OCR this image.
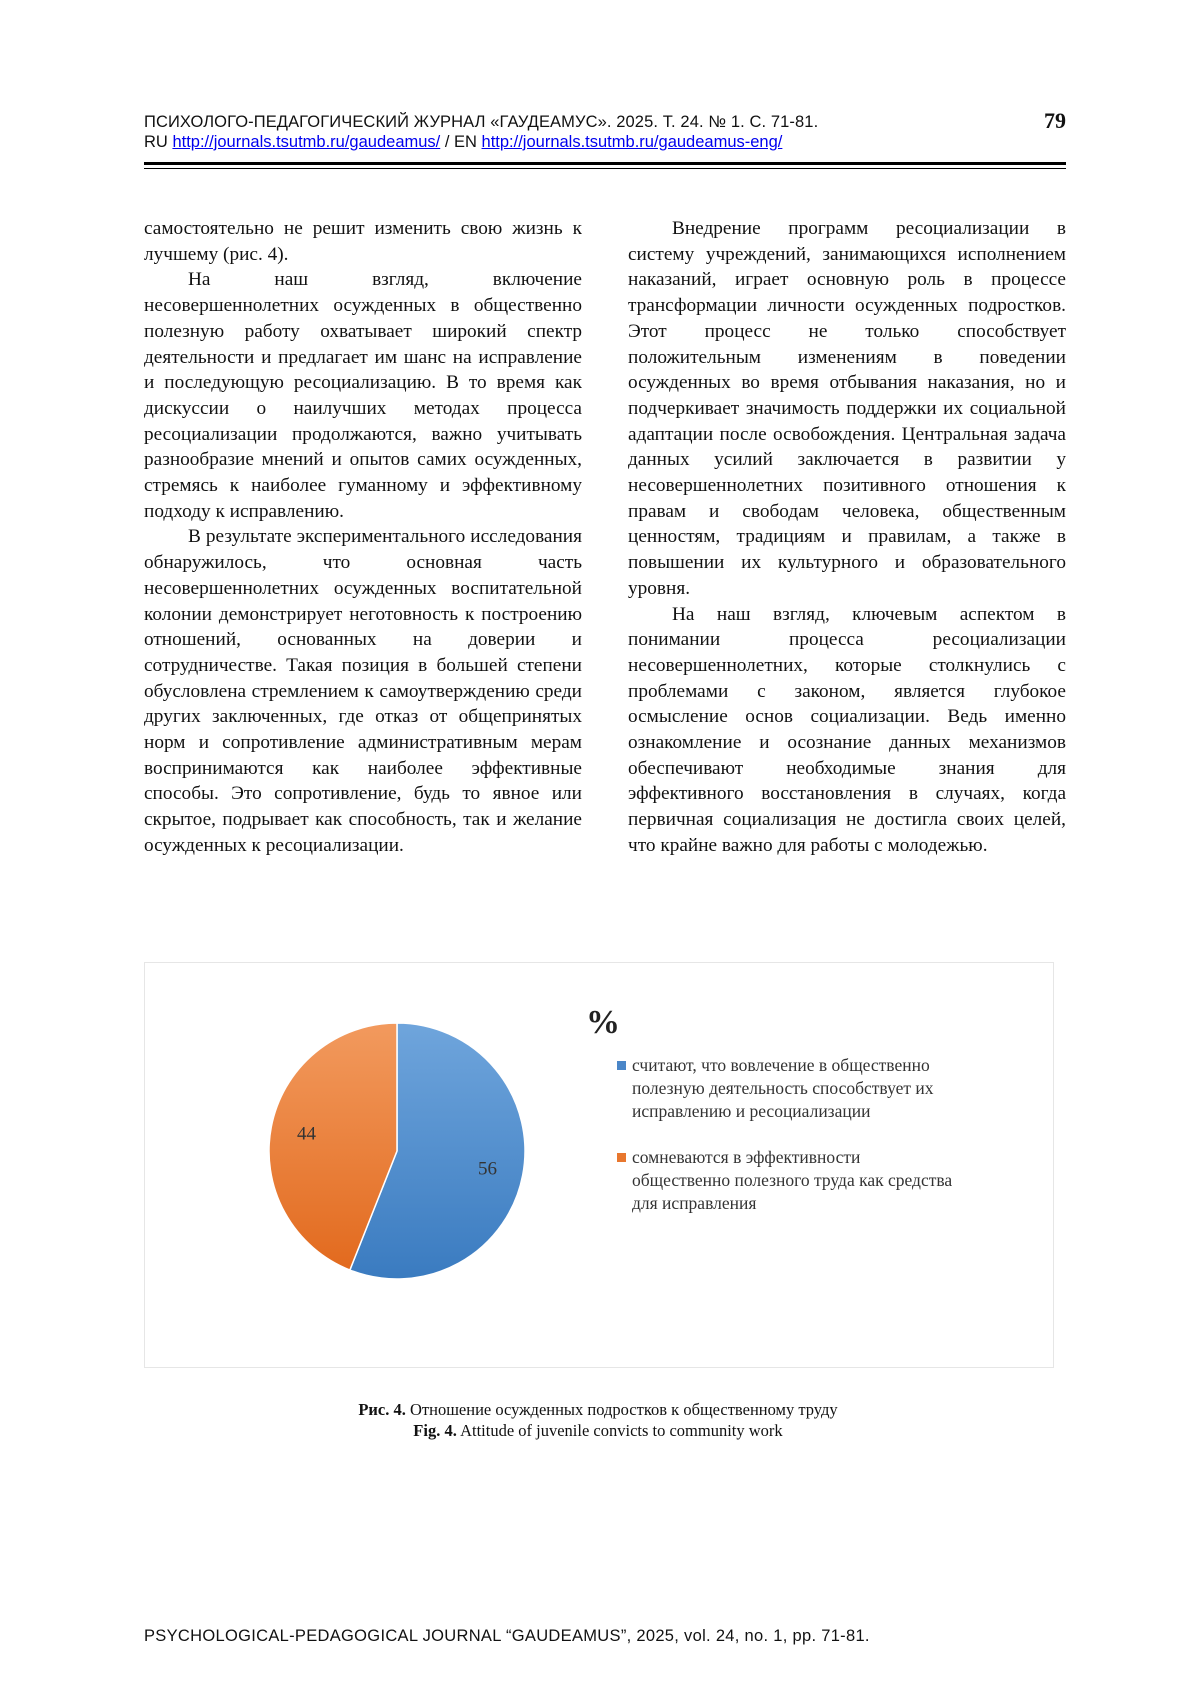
ПСИХОЛОГО-ПЕДАГОГИЧЕСКИЙ ЖУРНАЛ «ГАУДЕАМУС». 2025. Т. 24. № 1. С. 71-81.
RU http://journals.tsutmb.ru/gaudeamus/ / EN http://journals.tsutmb.ru/gaudeamus-eng/
79

самостоятельно не решит изменить свою жизнь к лучшему (рис. 4).

На наш взгляд, включение несовершеннолетних осужденных в общественно полезную работу охватывает широкий спектр деятельности и предлагает им шанс на исправление и последующую ресоциализацию. В то время как дискуссии о наилучших методах процесса ресоциализации продолжаются, важно учитывать разнообразие мнений и опытов самих осужденных, стремясь к наиболее гуманному и эффективному подходу к исправлению.

В результате экспериментального исследования обнаружилось, что основная часть несовершеннолетних осужденных воспитательной колонии демонстрирует неготовность к построению отношений, основанных на доверии и сотрудничестве. Такая позиция в большей степени обусловлена стремлением к самоутверждению среди других заключенных, где отказ от общепринятых норм и сопротивление административным мерам воспринимаются как наиболее эффективные способы. Это сопротивление, будь то явное или скрытое, подрывает как способность, так и желание осужденных к ресоциализации.

Внедрение программ ресоциализации в систему учреждений, занимающихся исполнением наказаний, играет основную роль в процессе трансформации личности осужденных подростков. Этот процесс не только способствует положительным изменениям в поведении осужденных во время отбывания наказания, но и подчеркивает значимость поддержки их социальной адаптации после освобождения. Центральная задача данных усилий заключается в развитии у несовершеннолетних позитивного отношения к правам и свободам человека, общественным ценностям, традициям и правилам, а также в повышении их культурного и образовательного уровня.

На наш взгляд, ключевым аспектом в понимании процесса ресоциализации несовершеннолетних, которые столкнулись с проблемами с законом, является глубокое осмысление основ социализации. Ведь именно ознакомление и осознание данных механизмов обеспечивают необходимые знания для эффективного восстановления в случаях, когда первичная социализация не достигла своих целей, что крайне важно для работы с молодежью.

%
56
44
считают, что вовлечение в общественно
полезную деятельность способствует их
исправлению и ресоциализации
сомневаются в эффективности
общественно полезного труда как средства
для исправления
Рис. 4. Отношение осужденных подростков к общественному труду
Fig. 4. Attitude of juvenile convicts to community work
PSYCHOLOGICAL-PEDAGOGICAL JOURNAL “GAUDEAMUS”, 2025, vol. 24, no. 1, pp. 71-81.
